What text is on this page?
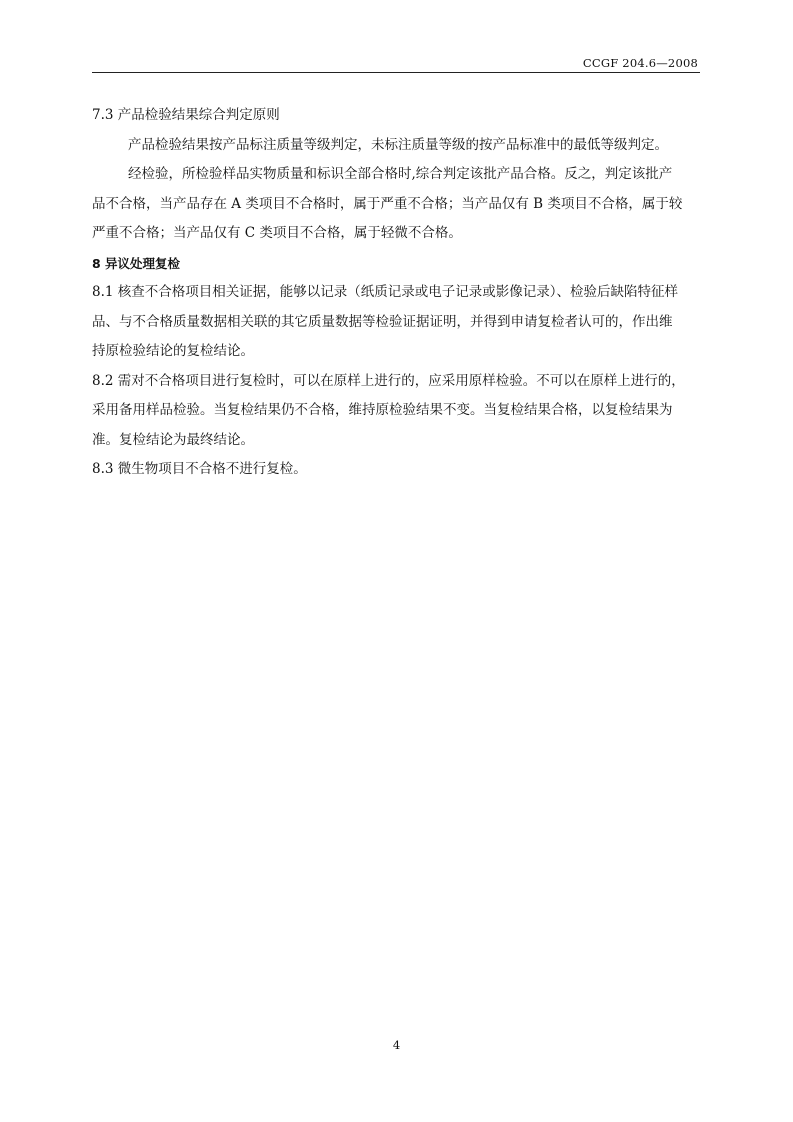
CCGF 204.6—2008
7.3 产品检验结果综合判定原则
产品检验结果按产品标注质量等级判定，未标注质量等级的按产品标准中的最低等级判定。
经检验，所检验样品实物质量和标识全部合格时,综合判定该批产品合格。反之，判定该批产
品不合格，当产品存在 A 类项目不合格时，属于严重不合格；当产品仅有 B 类项目不合格，属于较
严重不合格；当产品仅有 C 类项目不合格，属于轻微不合格。
8 异议处理复检
8.1 核查不合格项目相关证据，能够以记录（纸质记录或电子记录或影像记录）、检验后缺陷特征样
品、与不合格质量数据相关联的其它质量数据等检验证据证明，并得到申请复检者认可的，作出维
持原检验结论的复检结论。
8.2 需对不合格项目进行复检时，可以在原样上进行的，应采用原样检验。不可以在原样上进行的，
采用备用样品检验。当复检结果仍不合格，维持原检验结果不变。当复检结果合格，以复检结果为
准。复检结论为最终结论。
8.3 微生物项目不合格不进行复检。
4
